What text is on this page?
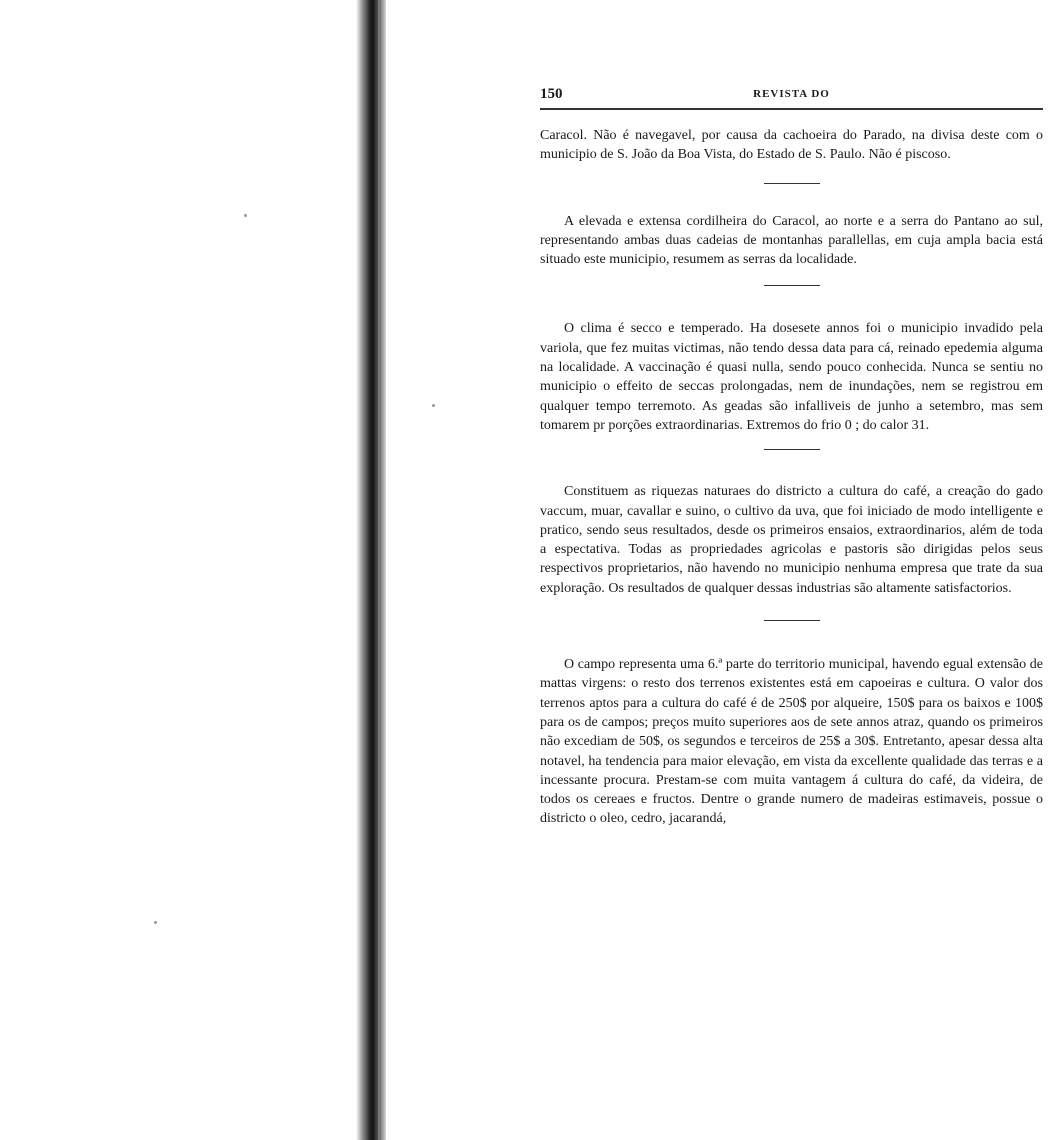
150	REVISTA DO

Caracol. Não é navegavel, por causa da cachoeira do Parado, na divisa deste com o municipio de S. João da Boa Vista, do Estado de S. Paulo. Não é piscoso.

A elevada e extensa cordilheira do Caracol, ao norte e a serra do Pantano ao sul, representando ambas duas cadeias de montanhas parallellas, em cuja ampla bacia está situado este municipio, resumem as serras da localidade.

O clima é secco e temperado. Ha dosesete annos foi o municipio invadido pela variola, que fez muitas victimas, não tendo dessa data para cá, reinado epedemia alguma na localidade. A vaccinação é quasi nulla, sendo pouco conhecida. Nunca se sentiu no municipio o effeito de seccas prolongadas, nem de inundações, nem se registrou em qualquer tempo terremoto. As geadas são infalliveis de junho a setembro, mas sem tomarem pr porções extraordinarias. Extremos do frio 0 ; do calor 31.

Constituem as riquezas naturaes do districto a cultura do café, a creação do gado vaccum, muar, cavallar e suino, o cultivo da uva, que foi iniciado de modo intelligente e pratico, sendo seus resultados, desde os primeiros ensaios, extraordinarios, além de toda a espectativa. Todas as propriedades agricolas e pastoris são dirigidas pelos seus respectivos proprietarios, não havendo no municipio nenhuma empresa que trate da sua exploração. Os resultados de qualquer dessas industrias são altamente satisfactorios.

O campo representa uma 6.ª parte do territorio municipal, havendo egual extensão de mattas virgens: o resto dos terrenos existentes está em capoeiras e cultura. O valor dos terrenos aptos para a cultura do café é de 250$ por alqueire, 150$ para os baixos e 100$ para os de campos; preços muito superiores aos de sete annos atraz, quando os primeiros não excediam de 50$, os segundos e terceiros de 25$ a 30$. Entretanto, apesar dessa alta notavel, ha tendencia para maior elevação, em vista da excellente qualidade das terras e a incessante procura. Prestam-se com muita vantagem á cultura do café, da videira, de todos os cereaes e fructos. Dentre o grande numero de madeiras estimaveis, possue o districto o oleo, cedro, jacarandá,
